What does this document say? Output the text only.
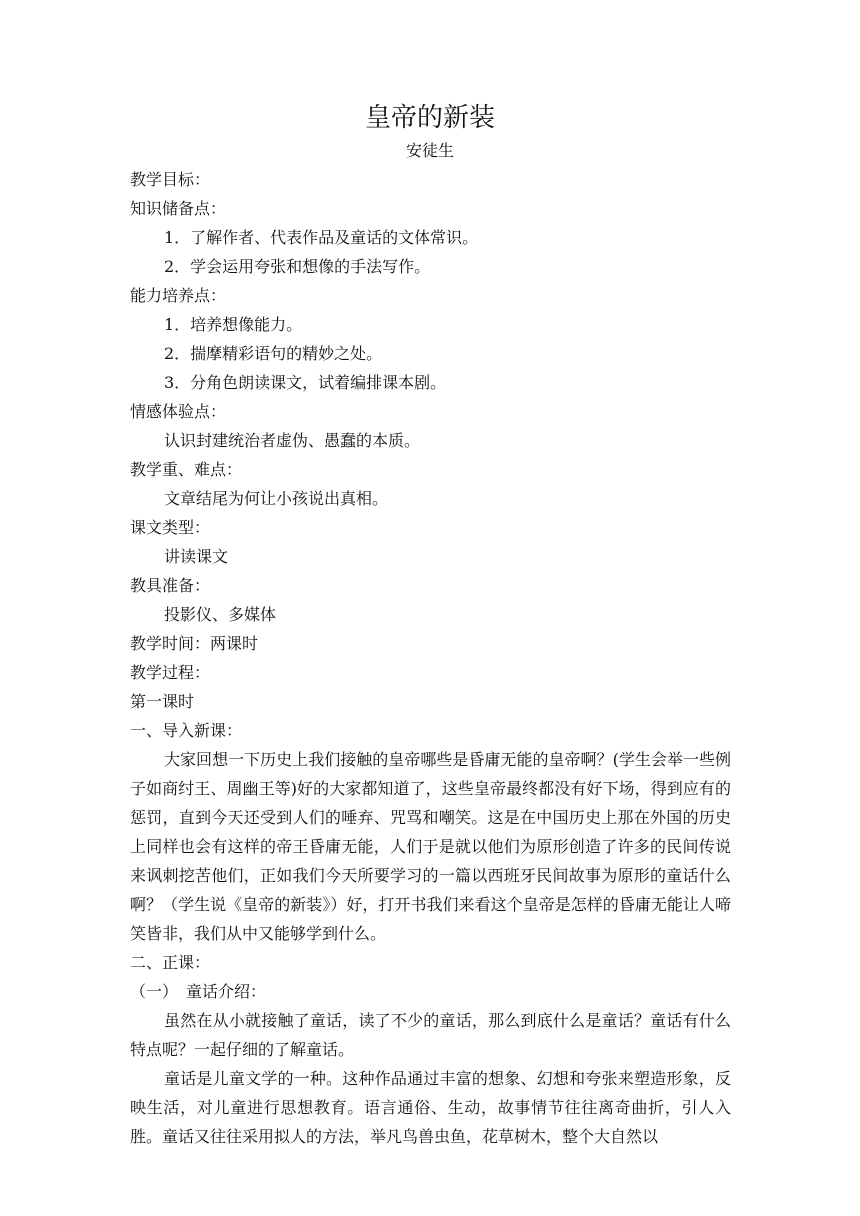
皇帝的新装
安徒生
教学目标：
知识储备点：
1．了解作者、代表作品及童话的文体常识。
2．学会运用夸张和想像的手法写作。
能力培养点：
1．培养想像能力。
2．揣摩精彩语句的精妙之处。
3．分角色朗读课文，试着编排课本剧。
情感体验点：
认识封建统治者虚伪、愚蠢的本质。
教学重、难点：
文章结尾为何让小孩说出真相。
课文类型：
讲读课文
教具准备：
投影仪、多媒体
教学时间：两课时
教学过程：
第一课时
一、导入新课：

大家回想一下历史上我们接触的皇帝哪些是昏庸无能的皇帝啊？(学生会举一些例子如商纣王、周幽王等)好的大家都知道了，这些皇帝最终都没有好下场，得到应有的惩罚，直到今天还受到人们的唾弃、咒骂和嘲笑。这是在中国历史上那在外国的历史上同样也会有这样的帝王昏庸无能，人们于是就以他们为原形创造了许多的民间传说来讽刺挖苦他们，正如我们今天所要学习的一篇以西班牙民间故事为原形的童话什么啊？（学生说《皇帝的新装》）好，打开书我们来看这个皇帝是怎样的昏庸无能让人啼笑皆非，我们从中又能够学到什么。

二、正课：
（一）　童话介绍：

虽然在从小就接触了童话，读了不少的童话，那么到底什么是童话？童话有什么特点呢？一起仔细的了解童话。

童话是儿童文学的一种。这种作品通过丰富的想象、幻想和夸张来塑造形象，反映生活，对儿童进行思想教育。语言通俗、生动，故事情节往往离奇曲折，引人入胜。童话又往往采用拟人的方法，举凡鸟兽虫鱼，花草树木，整个大自然以
